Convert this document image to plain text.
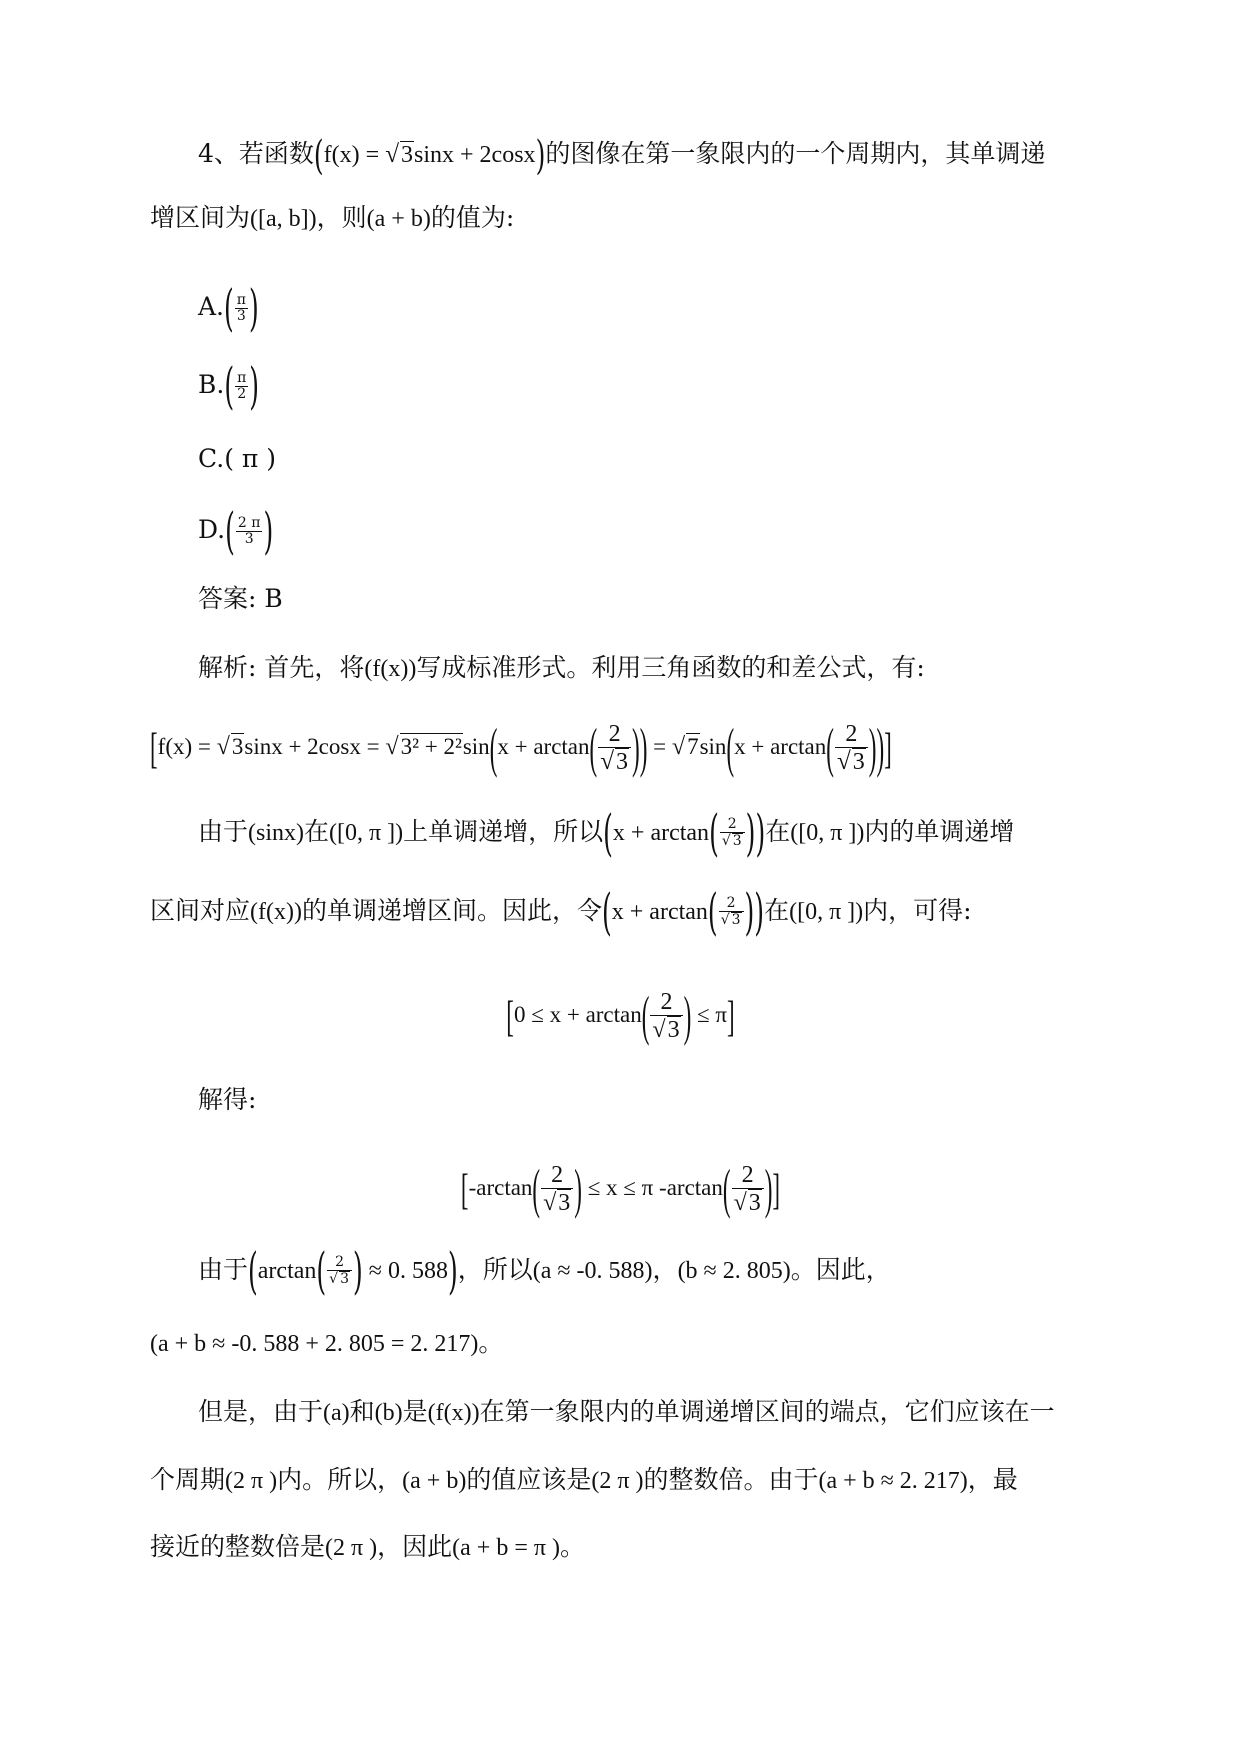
4、若函数(f(x) = √3sinx + 2cosx)的图像在第一象限内的一个周期内，其单调递
增区间为([a, b])，则(a + b)的值为:
$A.( \frac{\pi}{3}$ )
$B.( \frac{\pi}{2}$ )
C.( π )
$D.( \frac{2 \pi}{3}$ )
答案: B
解析: 首先，将(f(x))写成标准形式。利用三角函数的和差公式，有:
[$f(x) = √3\sin x + 2\cos x = √3^2 + 2^2\sin(x + \arctan( \frac{2}{√3}$ )) = $√7\sin(x + \arctan( \frac{2}{√3}$ ))]
由于(sinx)在([0, π ])上单调递增，所以($x + \arctan( \frac{2}{√ 3}$ ))在([0, π ])内的单调递增
区间对应(f(x))的单调递增区间。因此，令($x + \arctan( \frac{2}{√ 3}$ ))在([0, π ])内，可得:
[$0 \le x + \arctan( \frac{2}{√3}$ ) ≤ π]
解得:
[$-\arctan( \frac{2}{√3}$ ) ≤ x ≤ π $-\arctan( \frac{2}{√3}$ )]
由于($\arctan( \frac{2}{√ 3}$ ) ≈ 0. 588)，所以(a ≈ -0. 588)，(b ≈ 2. 805)。因此，
(a + b ≈ -0. 588 + 2. 805 = 2. 217)。
但是，由于(a)和(b)是(f(x))在第一象限内的单调递增区间的端点，它们应该在一
个周期(2 π )内。所以，(a + b)的值应该是(2 π )的整数倍。由于(a + b ≈ 2. 217)，最
接近的整数倍是(2 π )，因此(a + b = π )。
